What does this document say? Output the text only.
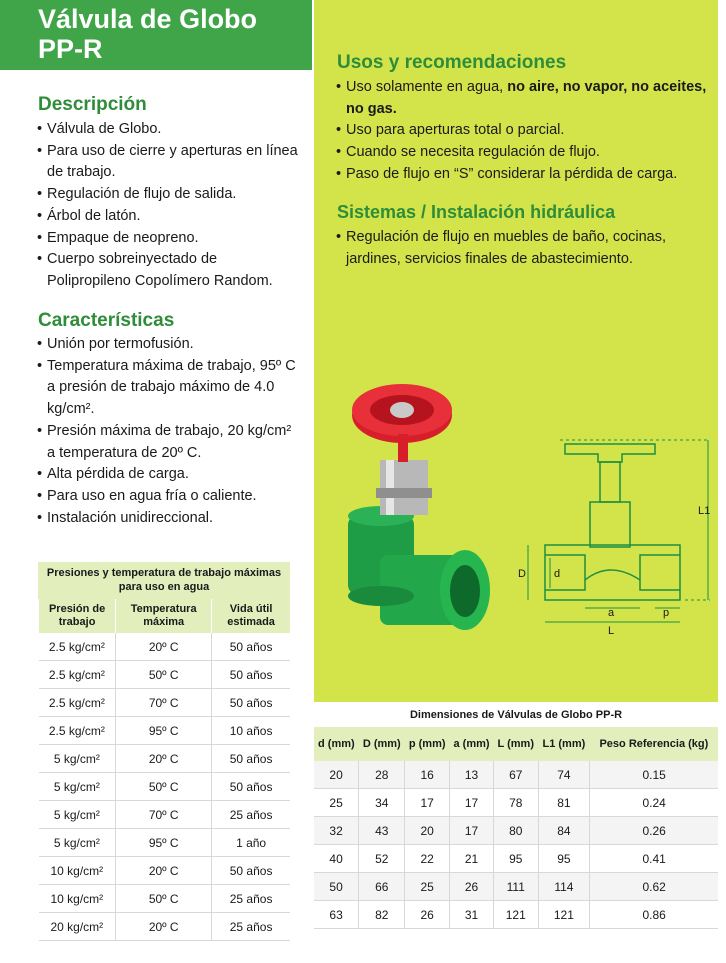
Válvula de Globo
PP-R
Descripción
• Válvula de Globo.
• Para uso de cierre y aperturas en línea de trabajo.
• Regulación de flujo de salida.
• Árbol de latón.
• Empaque de neopreno.
• Cuerpo sobreinyectado de Polipropileno Copolímero Random.
Características
• Unión por termofusión.
• Temperatura máxima de trabajo, 95º C a presión de trabajo máximo de 4.0 kg/cm².
• Presión máxima de trabajo, 20 kg/cm² a temperatura de 20º C.
• Alta pérdida de carga.
• Para uso en agua fría o caliente.
• Instalación unidireccional.
Usos y recomendaciones
• Uso solamente en agua, no aire, no vapor, no aceites, no gas.
• Uso para aperturas total o parcial.
• Cuando se necesita regulación de flujo.
• Paso de flujo en “S” considerar la pérdida de carga.
Sistemas / Instalación hidráulica
• Regulación de flujo en muebles de baño, cocinas, jardines, servicios finales de abastecimiento.
L1
D	d
a	p
L
Presiones y temperatura de trabajo máximas para uso en agua
Presión de trabajo	Temperatura máxima	Vida útil estimada
2.5 kg/cm²	20º C	50 años
2.5 kg/cm²	50º C	50 años
2.5 kg/cm²	70º C	50 años
2.5 kg/cm²	95º C	10 años
5 kg/cm²	20º C	50 años
5 kg/cm²	50º C	50 años
5 kg/cm²	70º C	25 años
5 kg/cm²	95º C	1 año
10 kg/cm²	20º C	50 años
10 kg/cm²	50º C	25 años
20 kg/cm²	20º C	25 años
Dimensiones de Válvulas de Globo PP-R
d (mm)	D (mm)	p (mm)	a (mm)	L (mm)	L1 (mm)	Peso Referencia (kg)
20	28	16	13	67	74	0.15
25	34	17	17	78	81	0.24
32	43	20	17	80	84	0.26
40	52	22	21	95	95	0.41
50	66	25	26	111	114	0.62
63	82	26	31	121	121	0.86
